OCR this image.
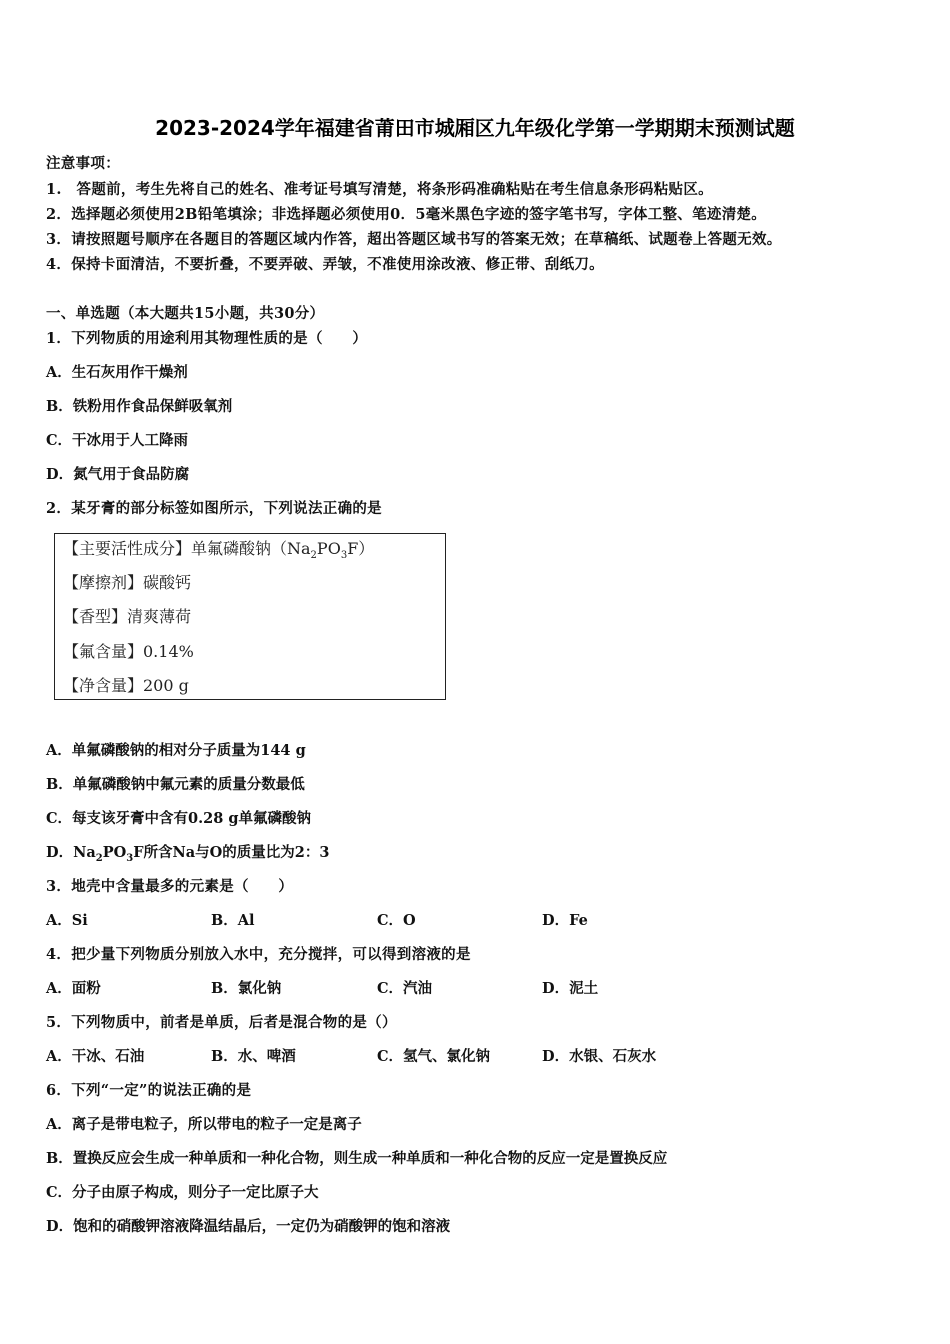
2023-2024学年福建省莆田市城厢区九年级化学第一学期期末预测试题
注意事项：
1.　答题前，考生先将自己的姓名、准考证号填写清楚，将条形码准确粘贴在考生信息条形码粘贴区。
2．选择题必须使用2B铅笔填涂；非选择题必须使用0．5毫米黑色字迹的签字笔书写，字体工整、笔迹清楚。
3．请按照题号顺序在各题目的答题区域内作答，超出答题区域书写的答案无效；在草稿纸、试题卷上答题无效。
4．保持卡面清洁，不要折叠，不要弄破、弄皱，不准使用涂改液、修正带、刮纸刀。
一、单选题（本大题共15小题，共30分）
1．下列物质的用途利用其物理性质的是（　　）
A．生石灰用作干燥剂
B．铁粉用作食品保鲜吸氧剂
C．干冰用于人工降雨
D．氮气用于食品防腐
2．某牙膏的部分标签如图所示，下列说法正确的是
【主要活性成分】单氟磷酸钠$(Na_2PO_3F)$
【摩擦剂】碳酸钙
【香型】清爽薄荷
【氟含量】0.14%
【净含量】200 g
A．单氟磷酸钠的相对分子质量为144 g
B．单氟磷酸钠中氟元素的质量分数最低
C．每支该牙膏中含有0.28 g单氟磷酸钠
D．$Na_2PO_3F$所含Na与O的质量比为2：3
3．地壳中含量最多的元素是（　　）
A．Si	B．Al	C．O	D．Fe
4．把少量下列物质分别放入水中，充分搅拌，可以得到溶液的是
A．面粉	B．氯化钠	C．汽油	D．泥土
5．下列物质中，前者是单质，后者是混合物的是（）
A．干冰、石油	B．水、啤酒	C．氢气、氯化钠	D．水银、石灰水
6．下列“一定”的说法正确的是
A．离子是带电粒子，所以带电的粒子一定是离子
B．置换反应会生成一种单质和一种化合物，则生成一种单质和一种化合物的反应一定是置换反应
C．分子由原子构成，则分子一定比原子大
D．饱和的硝酸钾溶液降温结晶后，一定仍为硝酸钾的饱和溶液
